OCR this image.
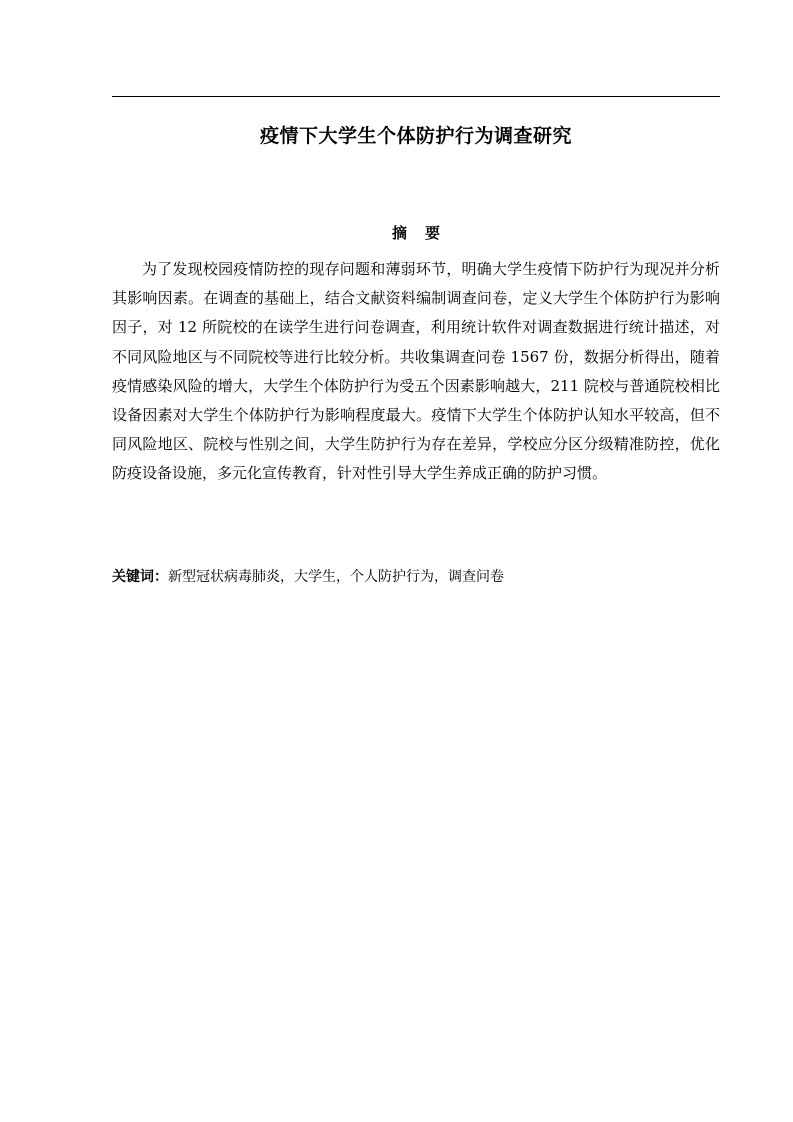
疫情下大学生个体防护行为调查研究
摘 要

为了发现校园疫情防控的现存问题和薄弱环节，明确大学生疫情下防护行为现况并分析其影响因素。在调查的基础上，结合文献资料编制调查问卷，定义大学生个体防护行为影响因子，对 12 所院校的在读学生进行问卷调查，利用统计软件对调查数据进行统计描述，对不同风险地区与不同院校等进行比较分析。共收集调查问卷 1567 份，数据分析得出，随着疫情感染风险的增大，大学生个体防护行为受五个因素影响越大，211 院校与普通院校相比设备因素对大学生个体防护行为影响程度最大。疫情下大学生个体防护认知水平较高，但不同风险地区、院校与性别之间，大学生防护行为存在差异，学校应分区分级精准防控，优化防疫设备设施，多元化宣传教育，针对性引导大学生养成正确的防护习惯。

关键词：新型冠状病毒肺炎，大学生，个人防护行为，调查问卷
